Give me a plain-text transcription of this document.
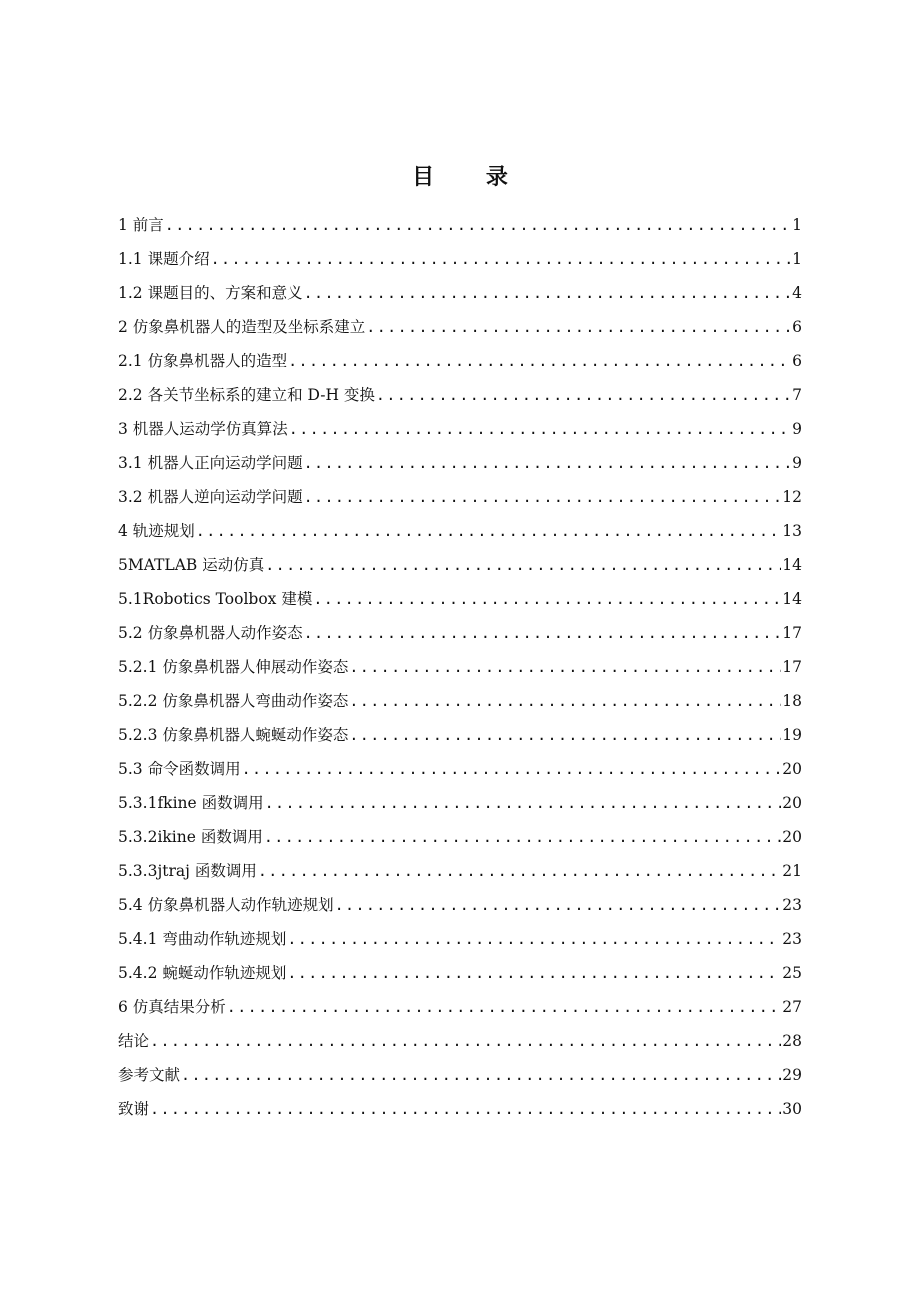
目 录
1 前言 .....	1
1.1 课题介绍 .....	1
1.2 课题目的、方案和意义 .....	4
2 仿象鼻机器人的造型及坐标系建立 .....	6
2.1 仿象鼻机器人的造型 .....	6
2.2 各关节坐标系的建立和 D-H 变换 .....	7
3 机器人运动学仿真算法 .....	9
3.1 机器人正向运动学问题 .....	9
3.2 机器人逆向运动学问题 .....	12
4 轨迹规划 .....	13
5MATLAB 运动仿真 .....	14
5.1Robotics Toolbox 建模 .....	14
5.2 仿象鼻机器人动作姿态 .....	17
5.2.1 仿象鼻机器人伸展动作姿态 .....	17
5.2.2 仿象鼻机器人弯曲动作姿态 .....	18
5.2.3 仿象鼻机器人蜿蜒动作姿态 .....	19
5.3 命令函数调用 .....	20
5.3.1fkine 函数调用 .....	20
5.3.2ikine 函数调用 .....	20
5.3.3jtraj 函数调用 .....	21
5.4 仿象鼻机器人动作轨迹规划 .....	23
5.4.1 弯曲动作轨迹规划 .....	23
5.4.2 蜿蜒动作轨迹规划 .....	25
6 仿真结果分析 .....	27
结论 .....	28
参考文献 .....	29
致谢 .....	30
